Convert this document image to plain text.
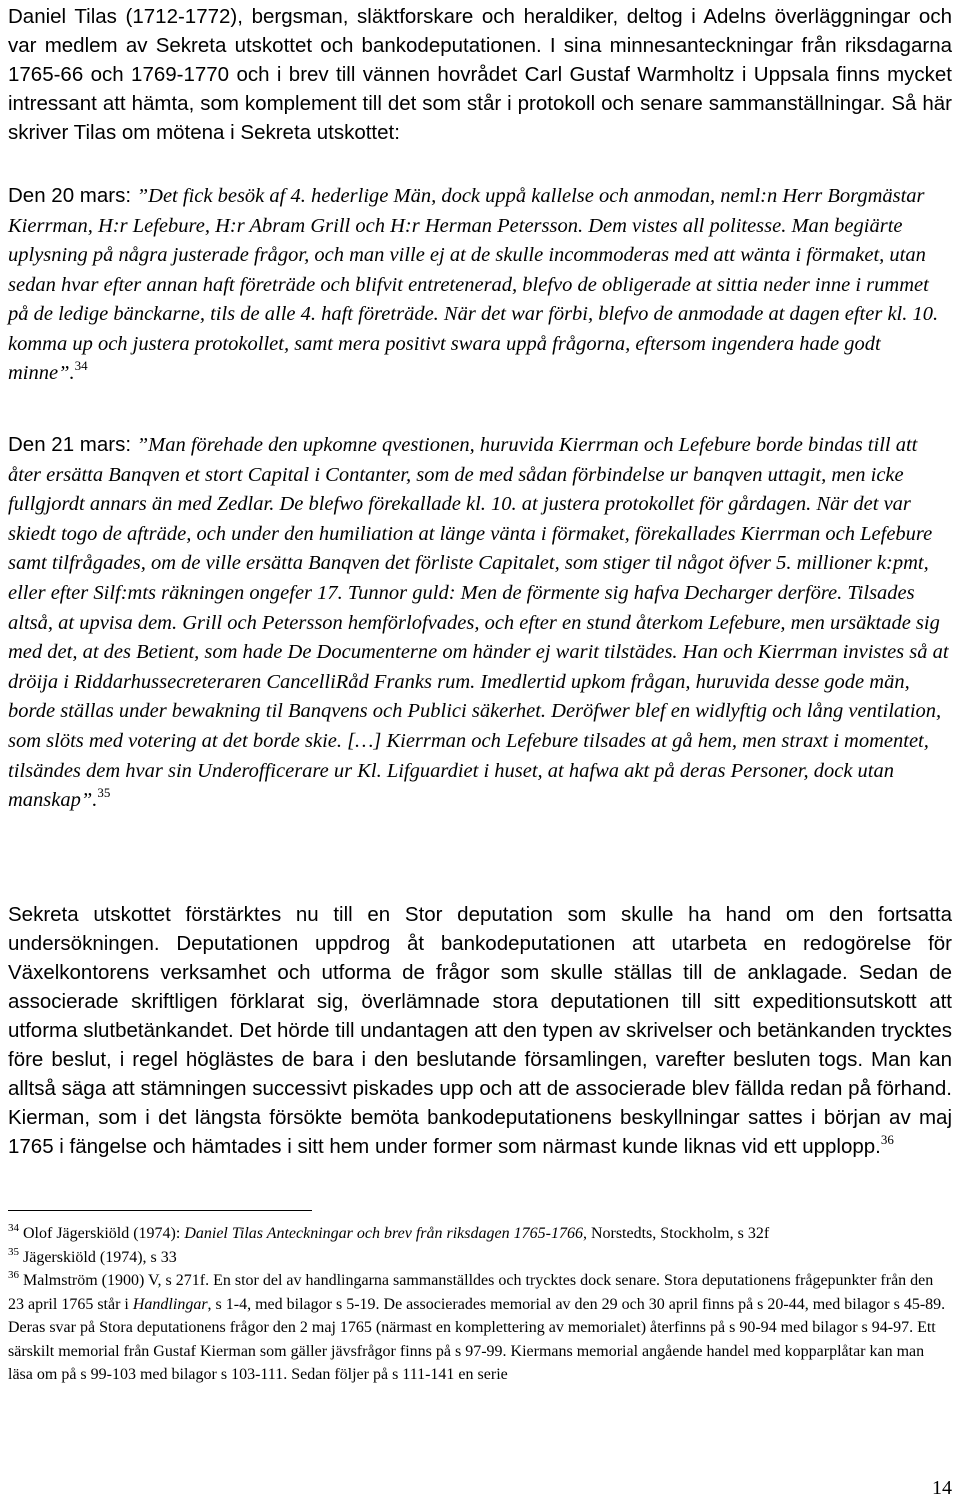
Daniel Tilas (1712-1772), bergsman, släktforskare och heraldiker, deltog i Adelns överläggningar och var medlem av Sekreta utskottet och bankodeputationen. I sina minnesanteckningar från riksdagarna 1765-66 och 1769-1770 och i brev till vännen hovrådet Carl Gustaf Warmholtz i Uppsala finns mycket intressant att hämta, som komplement till det som står i protokoll och senare sammanställningar. Så här skriver Tilas om mötena i Sekreta utskottet:

Den 20 mars: ”Det fick besök af 4. hederlige Män, dock uppå kallelse och anmodan, neml:n Herr Borgmästar Kierrman, H:r Lefebure, H:r Abram Grill och H:r Herman Petersson. Dem vistes all politesse. Man begiärte uplysning på några justerade frågor, och man ville ej at de skulle incommoderas med att wänta i förmaket, utan sedan hvar efter annan haft företräde och blifvit entretenerad, blefvo de obligerade at sittia neder inne i rummet på de ledige bänckarne, tils de alle 4. haft företräde. När det war förbi, blefvo de anmodade at dagen efter kl. 10. komma up och justera protokollet, samt mera positivt swara uppå frågorna, eftersom ingendera hade godt minne”.$^{34}$

Den 21 mars: ”Man förehade den upkomne qvestionen, huruvida Kierrman och Lefebure borde bindas till att åter ersätta Banqven et stort Capital i Contanter, som de med sådan förbindelse ur banqven uttagit, men icke fullgjordt annars än med Zedlar. De blefwo förekallade kl. 10. at justera protokollet för gårdagen. När det var skiedt togo de afträde, och under den humiliation at länge vänta i förmaket, förekallades Kierrman och Lefebure samt tilfrågades, om de ville ersätta Banqven det förliste Capitalet, som stiger til något öfver 5. millioner k:pmt, eller efter Silf:mts räkningen ongefer 17. Tunnor guld: Men de förmente sig hafva Decharger derföre. Tilsades altså, at upvisa dem. Grill och Petersson hemförlofvades, och efter en stund återkom Lefebure, men ursäktade sig med det, at des Betient, som hade De Documenterne om händer ej warit tilstädes. Han och Kierrman invistes så at dröija i Riddarhussecreteraren CancelliRåd Franks rum. Imedlertid upkom frågan, huruvida desse gode män, borde ställas under bewakning til Banqvens och Publici säkerhet. Deröfwer blef en widlyftig och lång ventilation, som slöts med votering at det borde skie. […] Kierrman och Lefebure tilsades at gå hem, men straxt i momentet, tilsändes dem hvar sin Underofficerare ur Kl. Lifguardiet i huset, at hafwa akt på deras Personer, dock utan manskap”.$^{35}$

Sekreta utskottet förstärktes nu till en Stor deputation som skulle ha hand om den fortsatta undersökningen. Deputationen uppdrog åt bankodeputationen att utarbeta en redogörelse för Växelkontorens verksamhet och utforma de frågor som skulle ställas till de anklagade. Sedan de associerade skriftligen förklarat sig, överlämnade stora deputationen till sitt expeditionsutskott att utforma slutbetänkandet. Det hörde till undantagen att den typen av skrivelser och betänkanden trycktes före beslut, i regel höglästes de bara i den beslutande församlingen, varefter besluten togs. Man kan alltså säga att stämningen successivt piskades upp och att de associerade blev fällda redan på förhand. Kierman, som i det längsta försökte bemöta bankodeputationens beskyllningar sattes i början av maj 1765 i fängelse och hämtades i sitt hem under former som närmast kunde liknas vid ett upplopp.$^{36}$

$^{34}$ Olof Jägerskiöld (1974): Daniel Tilas Anteckningar och brev från riksdagen 1765-1766, Norstedts, Stockholm, s 32f

$^{35}$ Jägerskiöld (1974), s 33

$^{36}$ Malmström (1900) V, s 271f. En stor del av handlingarna sammanställdes och trycktes dock senare. Stora deputationens frågepunkter från den 23 april 1765 står i Handlingar, s 1-4, med bilagor s 5-19. De associerades memorial av den 29 och 30 april finns på s 20-44, med bilagor s 45-89. Deras svar på Stora deputationens frågor den 2 maj 1765 (närmast en komplettering av memorialet) återfinns på s 90-94 med bilagor s 94-97. Ett särskilt memorial från Gustaf Kierman som gäller jävsfrågor finns på s 97-99. Kiermans memorial angående handel med kopparplåtar kan man läsa om på s 99-103 med bilagor s 103-111. Sedan följer på s 111-141 en serie

14
